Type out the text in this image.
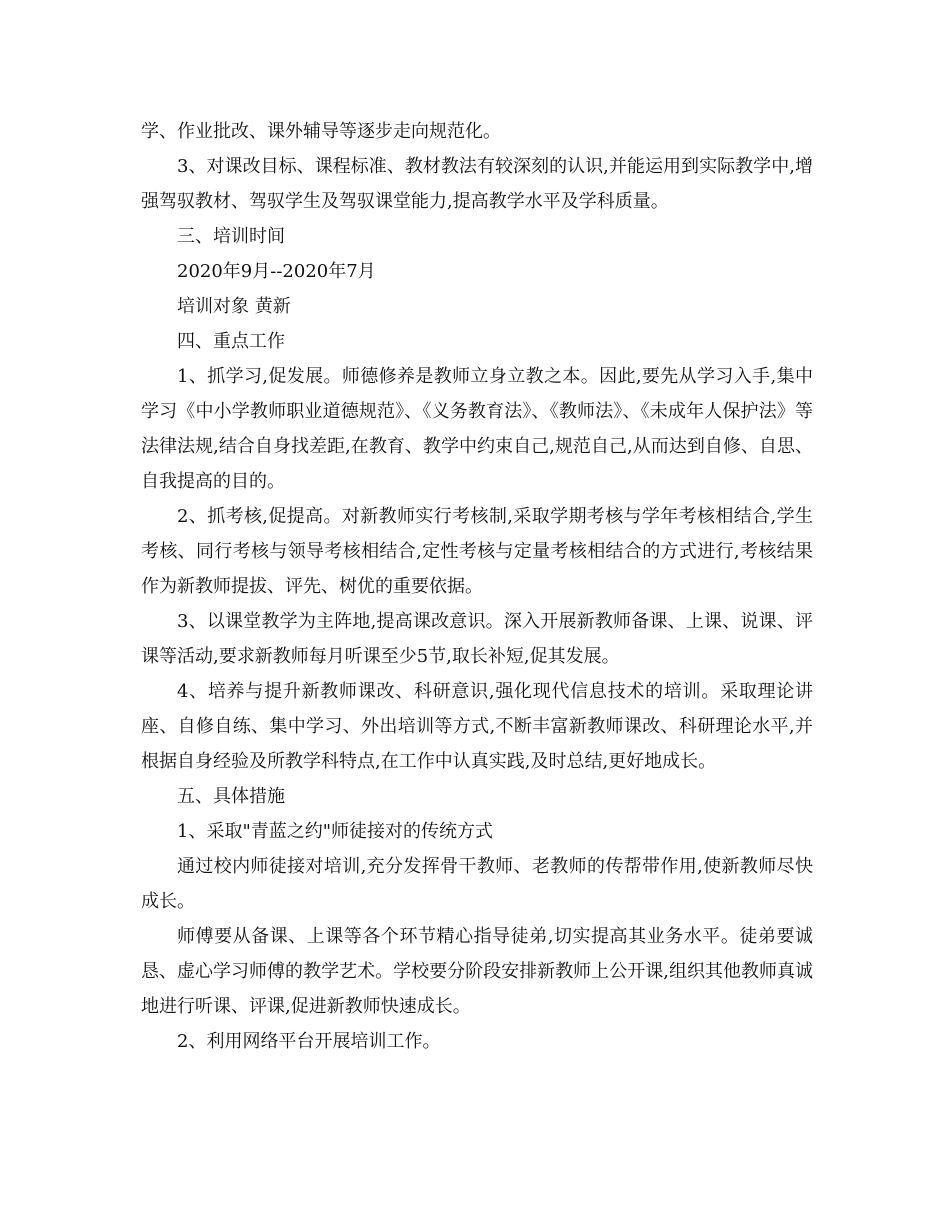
学、作业批改、课外辅导等逐步走向规范化。

3、对课改目标、课程标准、教材教法有较深刻的认识,并能运用到实际教学中,增强驾驭教材、驾驭学生及驾驭课堂能力,提高教学水平及学科质量。

三、培训时间

2020年9月--2020年7月

培训对象 黄新

四、重点工作

1、抓学习,促发展。师德修养是教师立身立教之本。因此,要先从学习入手,集中学习《中小学教师职业道德规范》、《义务教育法》、《教师法》、《未成年人保护法》等法律法规,结合自身找差距,在教育、教学中约束自己,规范自己,从而达到自修、自思、自我提高的目的。

2、抓考核,促提高。对新教师实行考核制,采取学期考核与学年考核相结合,学生考核、同行考核与领导考核相结合,定性考核与定量考核相结合的方式进行,考核结果作为新教师提拔、评先、树优的重要依据。

3、以课堂教学为主阵地,提高课改意识。深入开展新教师备课、上课、说课、评课等活动,要求新教师每月听课至少5节,取长补短,促其发展。

4、培养与提升新教师课改、科研意识,强化现代信息技术的培训。采取理论讲座、自修自练、集中学习、外出培训等方式,不断丰富新教师课改、科研理论水平,并根据自身经验及所教学科特点,在工作中认真实践,及时总结,更好地成长。

五、具体措施

1、采取"青蓝之约"师徒接对的传统方式

通过校内师徒接对培训,充分发挥骨干教师、老教师的传帮带作用,使新教师尽快成长。

师傅要从备课、上课等各个环节精心指导徒弟,切实提高其业务水平。徒弟要诚恳、虚心学习师傅的教学艺术。学校要分阶段安排新教师上公开课,组织其他教师真诚地进行听课、评课,促进新教师快速成长。

2、利用网络平台开展培训工作。
